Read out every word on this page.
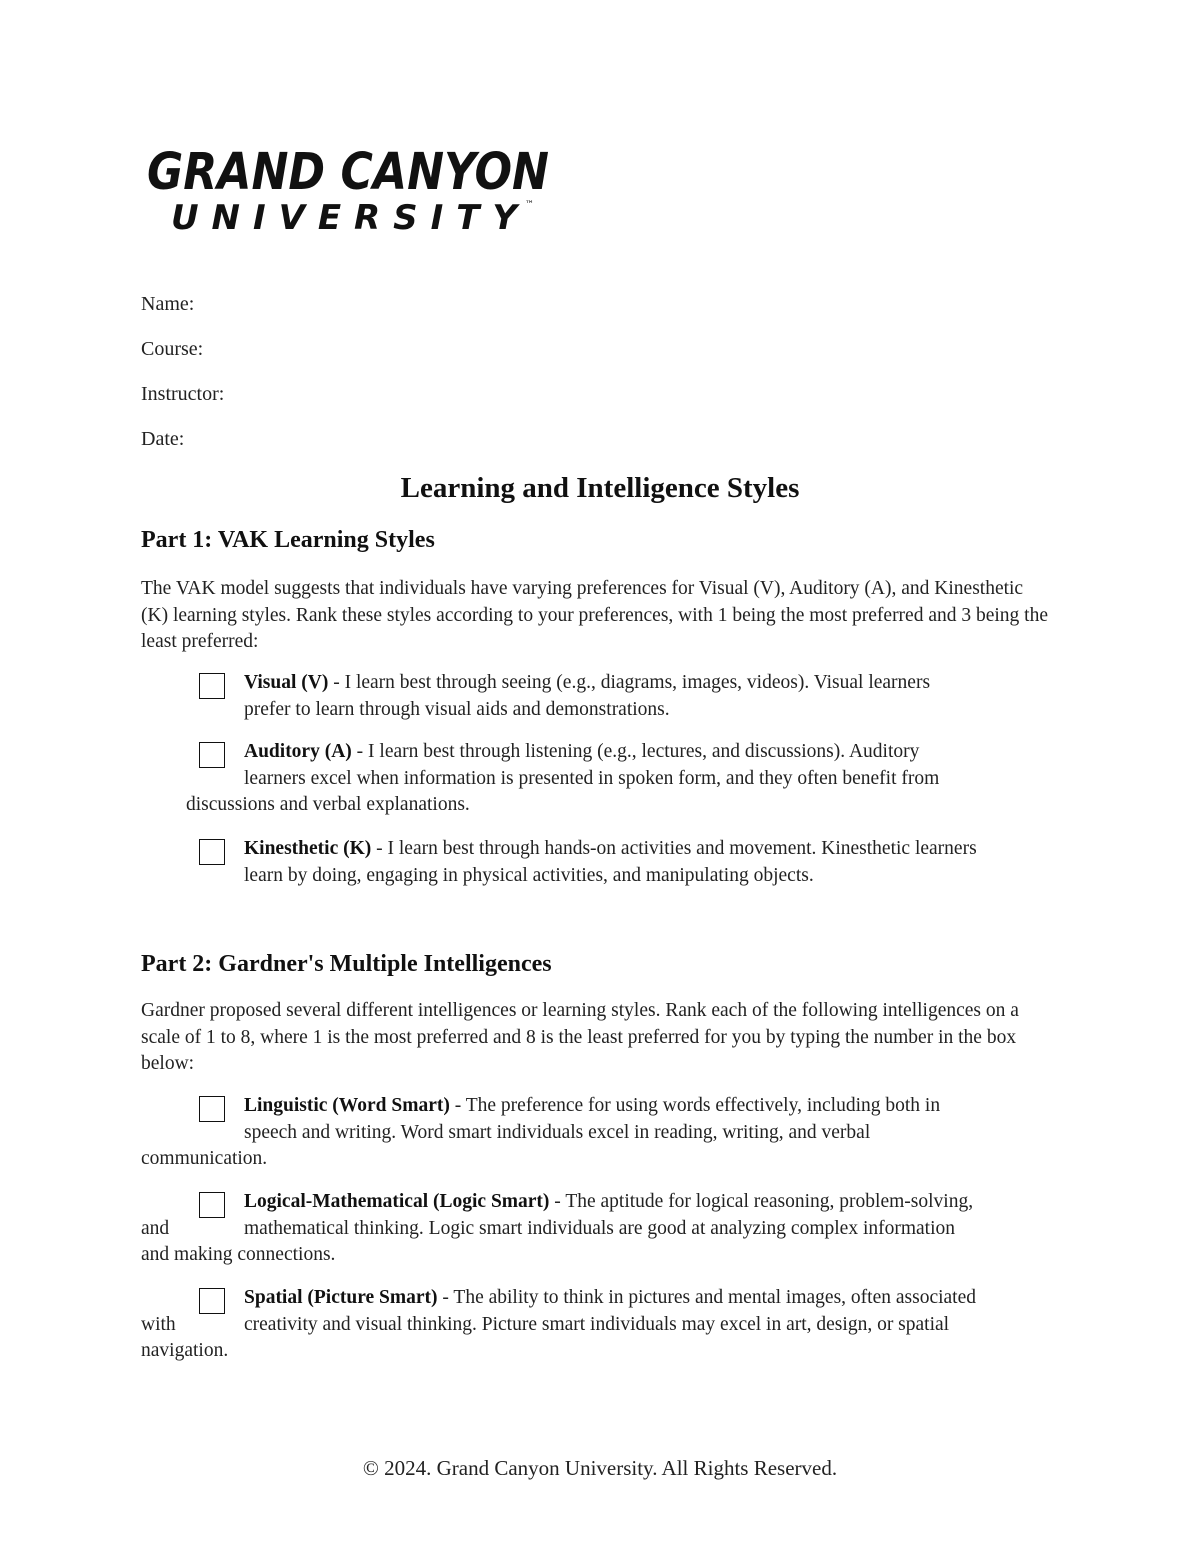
GRAND CANYON
UNIVERSITY ™
Name:
Course:
Instructor:
Date:
Learning and Intelligence Styles
Part 1: VAK Learning Styles

The VAK model suggests that individuals have varying preferences for Visual (V), Auditory (A), and Kinesthetic (K) learning styles. Rank these styles according to your preferences, with 1 being the most preferred and 3 being the least preferred:

Visual (V) - I learn best through seeing (e.g., diagrams, images, videos). Visual learners
prefer to learn through visual aids and demonstrations.

Auditory (A) - I learn best through listening (e.g., lectures, and discussions). Auditory
learners excel when information is presented in spoken form, and they often benefit from
discussions and verbal explanations.

Kinesthetic (K) - I learn best through hands-on activities and movement. Kinesthetic learners
learn by doing, engaging in physical activities, and manipulating objects.

Part 2: Gardner's Multiple Intelligences

Gardner proposed several different intelligences or learning styles. Rank each of the following intelligences on a scale of 1 to 8, where 1 is the most preferred and 8 is the least preferred for you by typing the number in the box below:

Linguistic (Word Smart) - The preference for using words effectively, including both in
speech and writing. Word smart individuals excel in reading, writing, and verbal
communication.

Logical-Mathematical (Logic Smart) - The aptitude for logical reasoning, problem-solving,
and	mathematical thinking. Logic smart individuals are good at analyzing complex information
and making connections.

Spatial (Picture Smart) - The ability to think in pictures and mental images, often associated
with	creativity and visual thinking. Picture smart individuals may excel in art, design, or spatial
navigation.

© 2024. Grand Canyon University. All Rights Reserved.
